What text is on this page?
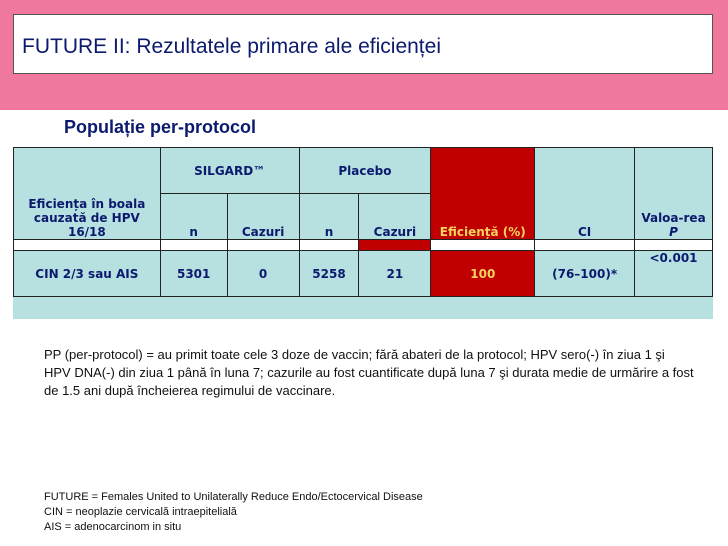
FUTURE II: Rezultatele primare ale eficienței
Populație per-protocol
Eficiența în boala cauzată de HPV 16/18	SILGARD™		Placebo		Eficiență (%)	CI	Valoa-rea P
	n	Cazuri	n	Cazuri			

CIN 2/3 sau AIS	5301	0	5258	21	100	(76–100)*	<0.001
PP (per-protocol) = au primit toate cele 3 doze de vaccin; fără abateri de la protocol; HPV sero(-) în ziua 1 şi HPV DNA(-) din ziua 1 până în luna 7; cazurile au fost cuantificate după luna 7 şi durata medie de urmărire a fost de 1.5 ani după încheierea regimului de vaccinare.
FUTURE = Females United to Unilaterally Reduce Endo/Ectocervical Disease
CIN = neoplazie cervicală intraepitelială
AIS = adenocarcinom in situ
